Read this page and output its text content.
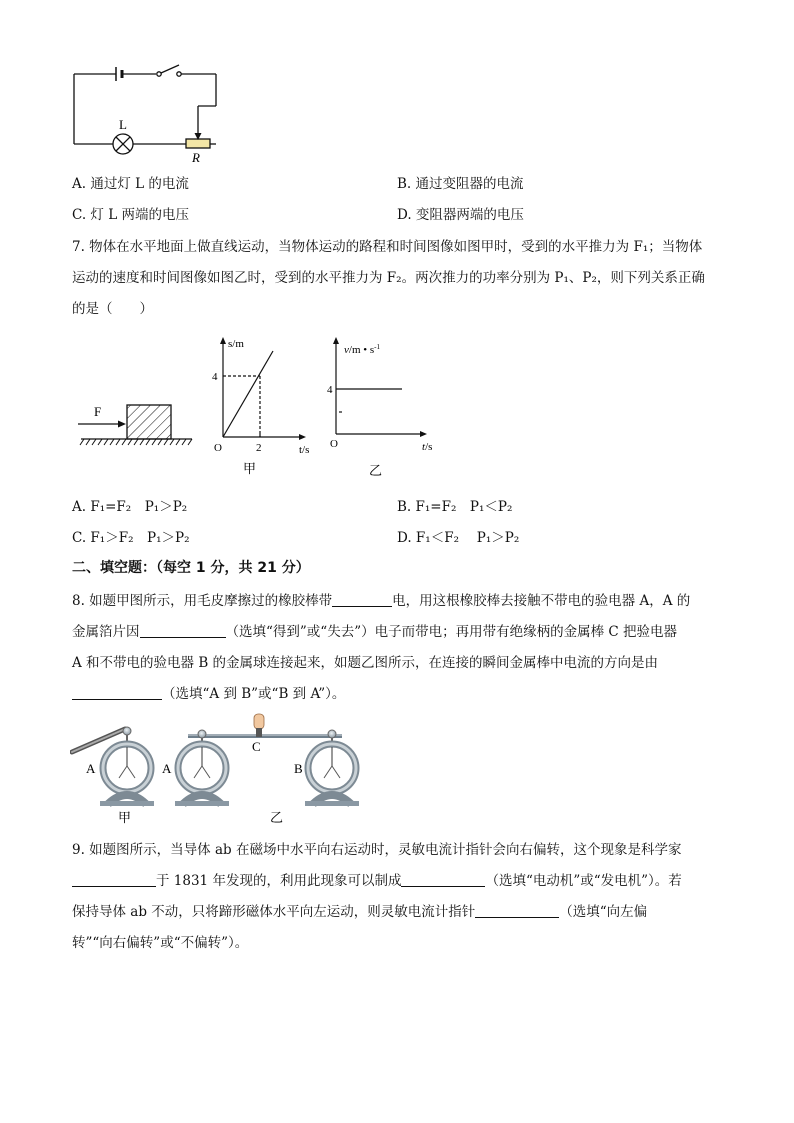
L
R
A. 通过灯 L 的电流	B. 通过变阻器的电流
C. 灯 L 两端的电压	D. 变阻器两端的电压
7. 物体在水平地面上做直线运动，当物体运动的路程和时间图像如图甲时，受到的水平推力为 F₁；当物体
运动的速度和时间图像如图乙时，受到的水平推力为 F₂。两次推力的功率分别为 P₁、P₂，则下列关系正确
的是（　　）
F
s/m
t/s
O
4
2
甲
v/m • $s^{-1}$
t/s
O
4
乙
A. F₁=F₂　P₁＞P₂	B. F₁=F₂　P₁＜P₂
C. F₁＞F₂　P₁＞P₂	D. F₁＜F₂　 P₁＞P₂
二、填空题：（每空 1 分，共 21 分）
8. 如题甲图所示，用毛皮摩擦过的橡胶棒带	电，用这根橡胶棒去接触不带电的验电器 A，A 的
金属箔片因	（选填“得到”或“失去”）电子而带电；再用带有绝缘柄的金属棒 C 把验电器
A 和不带电的验电器 B 的金属球连接起来，如题乙图所示，在连接的瞬间金属棒中电流的方向是由
（选填“A 到 B”或“B 到 A”）。
A
甲
C
A	B
乙
9. 如题图所示，当导体 ab 在磁场中水平向右运动时，灵敏电流计指针会向右偏转，这个现象是科学家
于 1831 年发现的，利用此现象可以制成	（选填“电动机”或“发电机”）。若
保持导体 ab 不动，只将蹄形磁体水平向左运动，则灵敏电流计指针	（选填“向左偏
转”“向右偏转”或“不偏转”）。
